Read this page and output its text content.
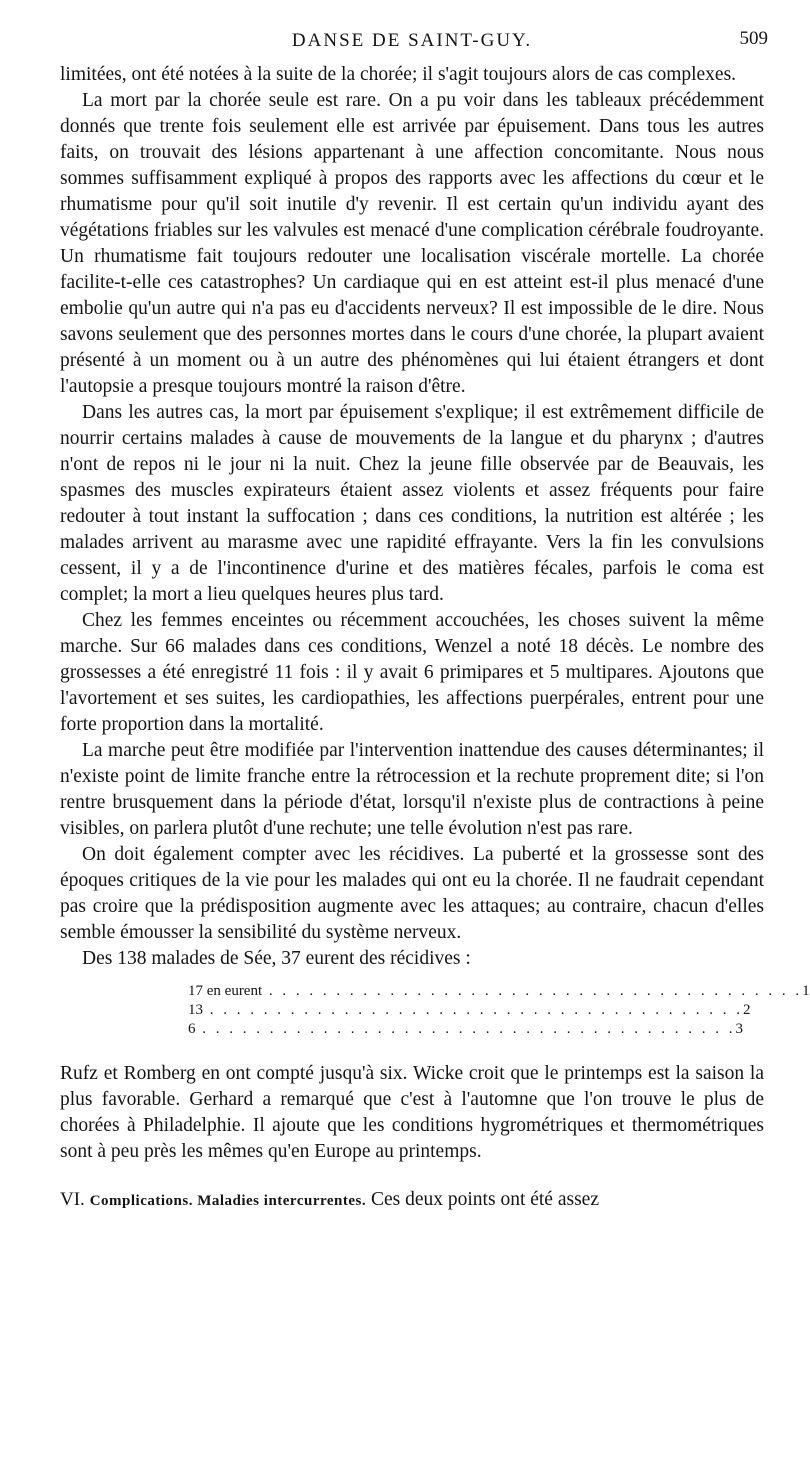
DANSE DE SAINT-GUY.	509

limitées, ont été notées à la suite de la chorée; il s'agit toujours alors de cas complexes.

La mort par la chorée seule est rare. On a pu voir dans les tableaux précédemment donnés que trente fois seulement elle est arrivée par épuisement. Dans tous les autres faits, on trouvait des lésions appartenant à une affection concomitante. Nous nous sommes suffisamment expliqué à propos des rapports avec les affections du cœur et le rhumatisme pour qu'il soit inutile d'y revenir. Il est certain qu'un individu ayant des végétations friables sur les valvules est menacé d'une complication cérébrale foudroyante. Un rhumatisme fait toujours redouter une localisation viscérale mortelle. La chorée facilite-t-elle ces catastrophes? Un cardiaque qui en est atteint est-il plus menacé d'une embolie qu'un autre qui n'a pas eu d'accidents nerveux? Il est impossible de le dire. Nous savons seulement que des personnes mortes dans le cours d'une chorée, la plupart avaient présenté à un moment ou à un autre des phénomènes qui lui étaient étrangers et dont l'autopsie a presque toujours montré la raison d'être.

Dans les autres cas, la mort par épuisement s'explique; il est extrêmement difficile de nourrir certains malades à cause de mouvements de la langue et du pharynx ; d'autres n'ont de repos ni le jour ni la nuit. Chez la jeune fille observée par de Beauvais, les spasmes des muscles expirateurs étaient assez violents et assez fréquents pour faire redouter à tout instant la suffocation ; dans ces conditions, la nutrition est altérée ; les malades arrivent au marasme avec une rapidité effrayante. Vers la fin les convulsions cessent, il y a de l'incontinence d'urine et des matières fécales, parfois le coma est complet; la mort a lieu quelques heures plus tard.

Chez les femmes enceintes ou récemment accouchées, les choses suivent la même marche. Sur 66 malades dans ces conditions, Wenzel a noté 18 décès. Le nombre des grossesses a été enregistré 11 fois : il y avait 6 primipares et 5 multipares. Ajoutons que l'avortement et ses suites, les cardiopathies, les affections puerpérales, entrent pour une forte proportion dans la mortalité.

La marche peut être modifiée par l'intervention inattendue des causes déterminantes; il n'existe point de limite franche entre la rétrocession et la rechute proprement dite; si l'on rentre brusquement dans la période d'état, lorsqu'il n'existe plus de contractions à peine visibles, on parlera plutôt d'une rechute; une telle évolution n'est pas rare.

On doit également compter avec les récidives. La puberté et la grossesse sont des époques critiques de la vie pour les malades qui ont eu la chorée. Il ne faudrait cependant pas croire que la prédisposition augmente avec les attaques; au contraire, chacun d'elles semble émousser la sensibilité du système nerveux.

Des 138 malades de Sée, 37 eurent des récidives :

17 en eurent . . . . . . . . . . . . . . . . . . . . . . . . . . . . . . . . . . . . . . . . 1
13 . . . . . . . . . . . . . . . . . . . . . . . . . . . . . . . . . . . . . . . . 2
6 . . . . . . . . . . . . . . . . . . . . . . . . . . . . . . . . . . . . . . . . 3

Rufz et Romberg en ont compté jusqu'à six. Wicke croit que le printemps est la saison la plus favorable. Gerhard a remarqué que c'est à l'automne que l'on trouve le plus de chorées à Philadelphie. Il ajoute que les conditions hygrométriques et thermométriques sont à peu près les mêmes qu'en Europe au printemps.

VI. Complications. Maladies intercurrentes. Ces deux points ont été assez
